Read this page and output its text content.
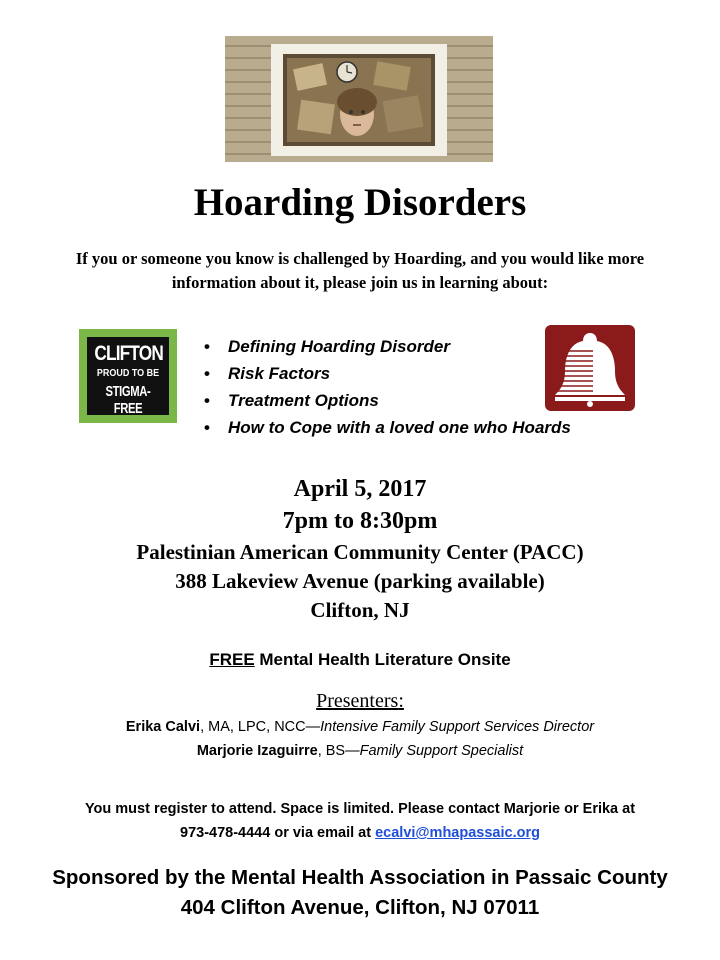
Hoarding Disorders
If you or someone you know is challenged by Hoarding, and you would like more information about it, please join us in learning about:
CLIFTON
PROUD TO BE
STIGMA-FREE
• Defining Hoarding Disorder
• Risk Factors
• Treatment Options
• How to Cope with a loved one who Hoards
April 5, 2017
7pm to 8:30pm
Palestinian American Community Center (PACC)
388 Lakeview Avenue (parking available)
Clifton, NJ
FREE Mental Health Literature Onsite
Presenters:
Erika Calvi, MA, LPC, NCC—Intensive Family Support Services Director
Marjorie Izaguirre, BS—Family Support Specialist
You must register to attend. Space is limited. Please contact Marjorie or Erika at
973-478-4444 or via email at ecalvi@mhapassaic.org
Sponsored by the Mental Health Association in Passaic County
404 Clifton Avenue, Clifton, NJ 07011
